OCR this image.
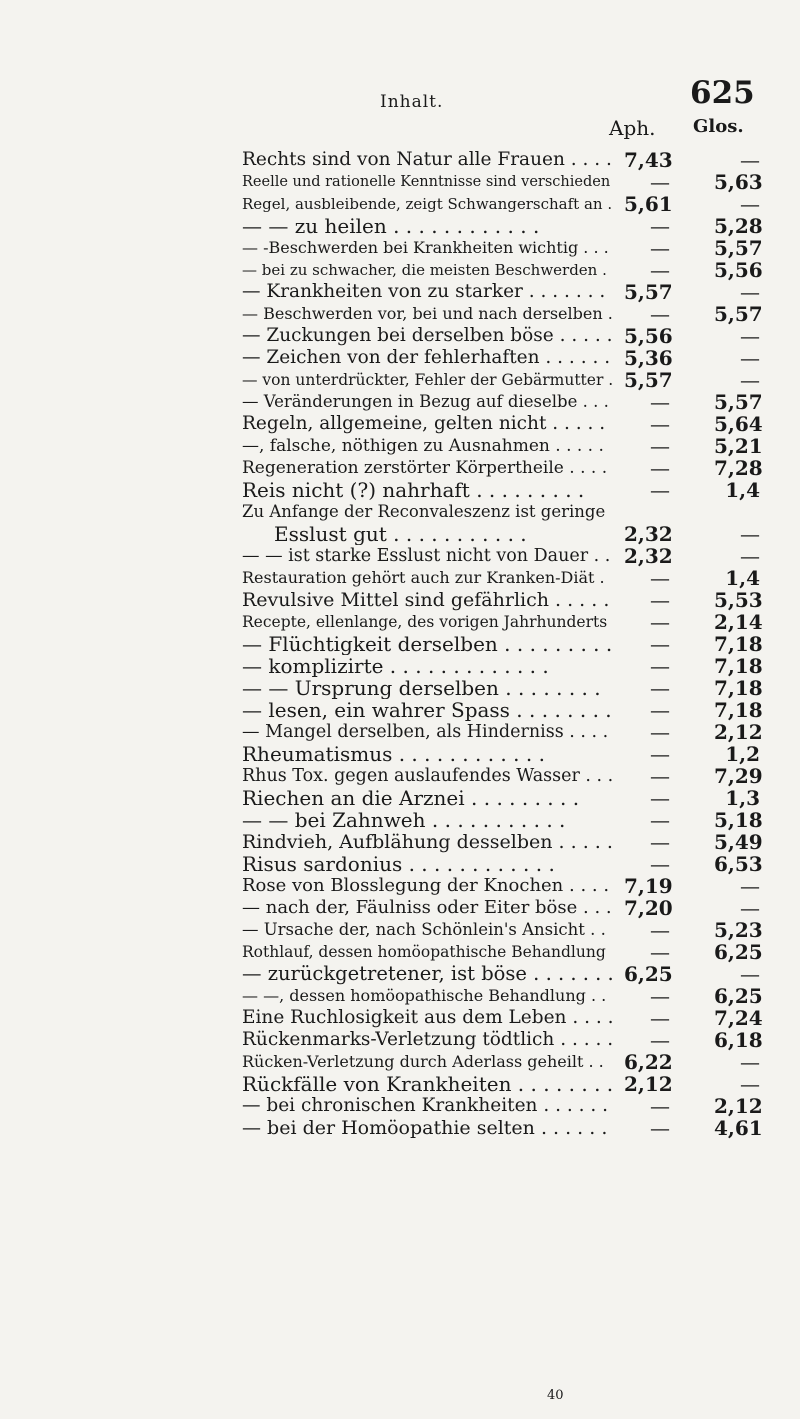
Inhalt.	625
Aph. Glos.
Rechts sind von Natur alle Frauen . . . . 7,43	—
Reelle und rationelle Kenntnisse sind verschieden	— 5,63
Regel, ausbleibende, zeigt Schwangerschaft an . 5,61	—
— — zu heilen . . . . . . . . . . . .	— 5,28
— -Beschwerden bei Krankheiten wichtig . . .	— 5,57
— bei zu schwacher, die meisten Beschwerden .	— 5,56
— Krankheiten von zu starker . . . . . . . 5,57	—
— Beschwerden vor, bei und nach derselben .	— 5,57
— Zuckungen bei derselben böse . . . . . 5,56	—
— Zeichen von der fehlerhaften . . . . . . 5,36	—
— von unterdrückter, Fehler der Gebärmutter . 5,57	—
— Veränderungen in Bezug auf dieselbe . . .	— 5,57
Regeln, allgemeine, gelten nicht . . . . .	— 5,64
—, falsche, nöthigen zu Ausnahmen . . . . .	— 5,21
Regeneration zerstörter Körpertheile . . . .	— 7,28
Reis nicht (?) nahrhaft . . . . . . . . .	—	1,4
Zu Anfange der Reconvaleszenz ist geringe
Esslust gut . . . . . . . . . . .	2,32	—
— — ist starke Esslust nicht von Dauer . . 2,32	—
Restauration gehört auch zur Kranken-Diät .	—	1,4
Revulsive Mittel sind gefährlich . . . . .	— 5,53
Recepte, ellenlange, des vorigen Jahrhunderts	— 2,14
— Flüchtigkeit derselben . . . . . . . . .	— 7,18
— komplizirte . . . . . . . . . . . . .	— 7,18
— — Ursprung derselben . . . . . . . .	— 7,18
— lesen, ein wahrer Spass . . . . . . . .	— 7,18
— Mangel derselben, als Hinderniss . . . .	— 2,12
Rheumatismus . . . . . . . . . . . .	—	1,2
Rhus Tox. gegen auslaufendes Wasser . . .	— 7,29
Riechen an die Arznei . . . . . . . . .	—	1,3
— — bei Zahnweh . . . . . . . . . . .	— 5,18
Rindvieh, Aufblähung desselben . . . . .	— 5,49
Risus sardonius . . . . . . . . . . . .	— 6,53
Rose von Blosslegung der Knochen . . . . 7,19	—
— nach der, Fäulniss oder Eiter böse . . . 7,20	—
— Ursache der, nach Schönlein's Ansicht . .	— 5,23
Rothlauf, dessen homöopathische Behandlung	— 6,25
— zurückgetretener, ist böse . . . . . . . 6,25	—
— —, dessen homöopathische Behandlung . .	— 6,25
Eine Ruchlosigkeit aus dem Leben . . . .	— 7,24
Rückenmarks-Verletzung tödtlich . . . . .	— 6,18
Rücken-Verletzung durch Aderlass geheilt . . 6,22	—
Rückfälle von Krankheiten . . . . . . . . 2,12	—
— bei chronischen Krankheiten . . . . . .	— 2,12
— bei der Homöopathie selten . . . . . .	— 4,61
40
